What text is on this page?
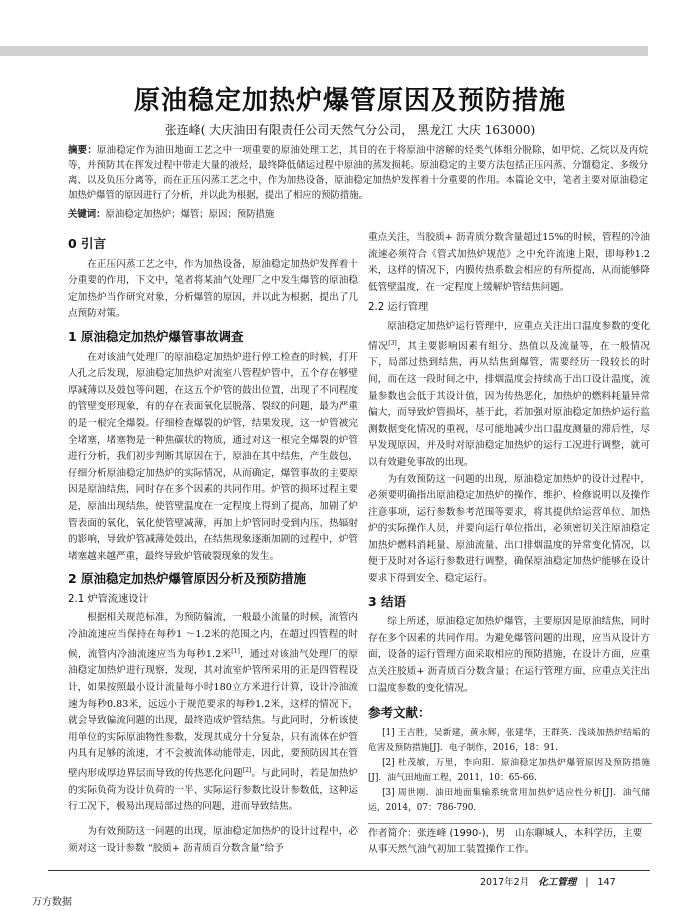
原油稳定加热炉爆管原因及预防措施
张连峰( 大庆油田有限责任公司天然气分公司， 黑龙江 大庆 163000)
摘要：原油稳定作为油田地面工艺之中一项重要的原油处理工艺，其目的在于将原油中溶解的烃类气体组分脱除，如甲烷、乙烷以及丙烷等，并预防其在挥发过程中带走大量的液烃，最终降低储运过程中原油的蒸发损耗。原油稳定的主要方法包括正压闪蒸、分馏稳定、多级分离、以及负压分离等，而在正压闪蒸工艺之中，作为加热设备，原油稳定加热炉发挥着十分重要的作用。本篇论文中，笔者主要对原油稳定加热炉爆管的原因进行了分析，并以此为根据，提出了相应的预防措施。
关键词：原油稳定加热炉；爆管；原因；预防措施
0 引言

在正压闪蒸工艺之中，作为加热设备，原油稳定加热炉发挥着十分重要的作用，下文中，笔者将某油气处理厂之中发生爆管的原油稳定加热炉当作研究对象，分析爆管的原因，并以此为根据，提出了几点预防对策。

1 原油稳定加热炉爆管事故调查

在对该油气处理厂的原油稳定加热炉进行停工检查的时候，打开人孔之后发现，原油稳定加热炉对流室八管程炉管中，五个存在够壁厚减薄以及鼓包等问题，在这五个炉管的鼓出位置，出现了不同程度的管壁变形现象，有的存在表面氧化层脱落、裂纹的问题，最为严重的是一根完全爆裂。仔细检查爆裂的炉管，结果发现，这一炉管被完全堵塞，堵塞物是一种焦碳状的物质，通过对这一根完全爆裂的炉管进行分析，我们初步判断其原因在于，原油在其中结焦，产生鼓包，仔细分析原油稳定加热炉的实际情况，从而确定，爆管事故的主要原因是原油结焦，同时存在多个因素的共同作用。炉管的损坏过程主要是，原油出现结焦，使管壁温度在一定程度上得到了提高，加剧了炉管表面的氧化，氧化使管壁减薄，再加上炉管同时受到内压、热辐射的影响，导致炉管减薄处鼓出，在结焦现象逐渐加剧的过程中，炉管堵塞越来越严重，最终导致炉管破裂现象的发生。

2 原油稳定加热炉爆管原因分析及预防措施
2.1 炉管流速设计

根据相关规范标准，为预防偏流，一般最小流量的时候，流管内冷油流速应当保持在每秒1 ～1.2米的范围之内，在超过四管程的时候，流管内冷油流速应当为每秒1.2米[1]，通过对该油气处理厂的原油稳定加热炉进行现察，发现，其对流室炉管所采用的正是四管程设计，如果按照最小设计流量每小时180立方米进行计算，设计冷油流速为每秒0.83米，远远小于规范要求的每秒1.2米，这样的情况下，就会导致偏流问题的出现，最终造成炉管结焦。与此同时，分析该使用单位的实际原油物性参数，发现其成分十分复杂，只有流体在炉管内具有足够的流速，才不会被流体动能带走，因此，要预防因其在管壁内形成厚边界层而导致的传热恶化问题[2]。与此同时，若是加热炉的实际负荷为设计负荷的一半、实际运行参数比设计参数低，这种运行工况下，极易出现局部过热的问题，进而导致结焦。

为有效预防这一问题的出现，原油稳定加热炉的设计过程中，必须对这一设计参数 “胶质+ 沥青质百分数含量”给予

重点关注，当胶质+ 沥青质分数含量超过15%的时候，管程的冷油流速必须符合《管式加热炉规范》之中允许流速上限，即每秒1.2米，这样的情况下，内膜传热系数会相应的有所提高，从而能够降低管壁温度，在一定程度上缓解炉管结焦问题。

2.2 运行管理

原油稳定加热炉运行管理中，应重点关注出口温度参数的变化情况[3]，其主要影响因素有组分、热值以及流量等，在一般情况下，局部过热到结焦，再从结焦到爆管，需要经历一段较长的时间，而在这一段时间之中，排烟温度会持续高于出口设计温度，流量参数也会低于其设计值，因为传热恶化，加热炉的燃料耗量异常偏大，而导致炉管损坏，基于此，若加强对原油稳定加热炉运行监测数据变化情况的重视，尽可能地减少出口温度测量的滞后性，尽早发现原因，并及时对原油稳定加热炉的运行工况进行调整，就可以有效避免事故的出现。

为有效预防这一问题的出现，原油稳定加热炉的设计过程中，必须要明确指出原油稳定加热炉的操作、维护、检修说明以及操作注意事项，运行参数参考范围等要求，将其提供给运营单位、加热炉的实际操作人员，并要向运行单位指出，必须密切关注原油稳定加热炉燃料消耗量、原油流量、出口排烟温度的异常变化情况，以便于及时对各运行参数进行调整，确保原油稳定加热炉能够在设计要求下得到安全、稳定运行。

3 结语

综上所述，原油稳定加热炉爆管，主要原因是原油结焦，同时存在多个因素的共同作用。为避免爆管问题的出现，应当从设计方面，设备的运行管理方面采取相应的预防措施，在设计方面，应重点关注胶质+ 沥青质百分数含量；在运行管理方面，应重点关注出口温度参数的变化情况。

参考文献：

[1] 王吉胜，吴新建，黄永辉，张建华，王群英．浅谈加热炉结垢的危害及预防措施[J]．电子制作，2016，18：91．

[2] 杜茂敏，万里，李向阳．原油稳定加热炉爆管原因及预防措施[J]．油气田地面工程，2011，10：65-66．

[3] 周世刚．油田地面集输系统常用加热炉适应性分析[J]．油气储运，2014，07：786-790．

作者简介：张连峰 (1990-)，男　山东聊城人，本科学历，主要从事天然气油气初加工装置操作工作。
2017年2月 化工管理 | 147
万方数据
